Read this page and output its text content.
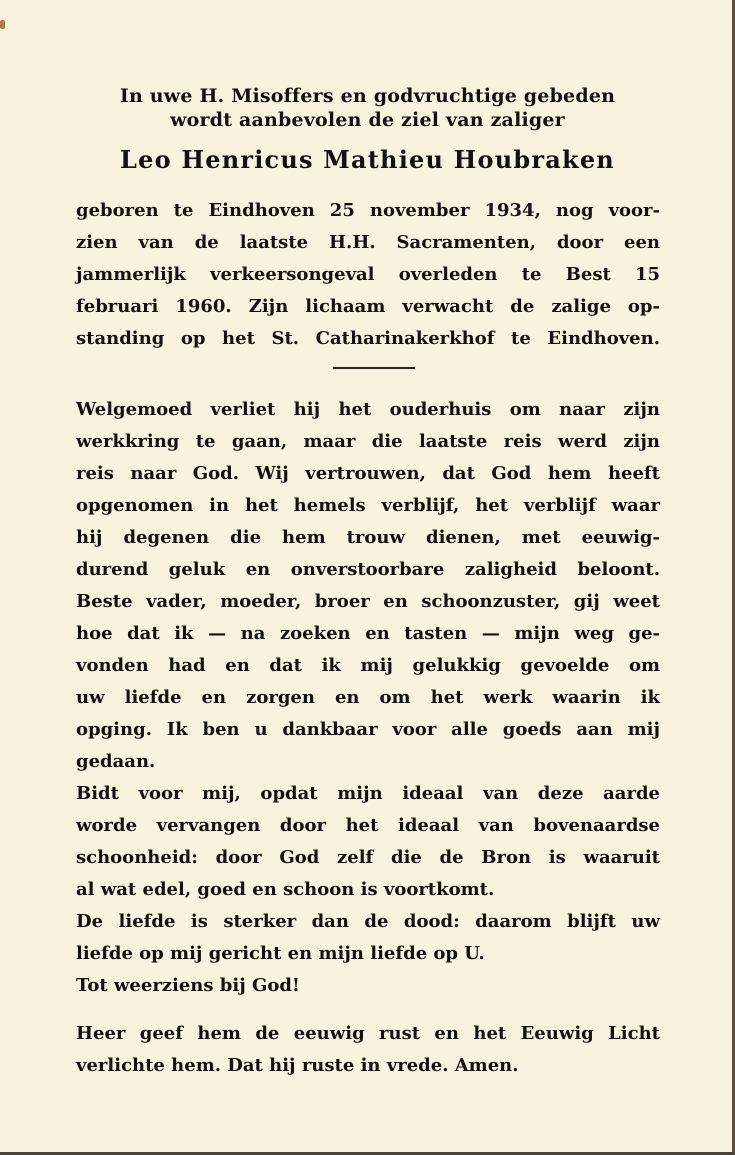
In uwe H. Misoffers en godvruchtige gebeden
wordt aanbevolen de ziel van zaliger
Leo Henricus Mathieu Houbraken
geboren te Eindhoven 25 november 1934, nog voor-
zien van de laatste H.H. Sacramenten, door een
jammerlijk verkeersongeval overleden te Best 15
februari 1960. Zijn lichaam verwacht de zalige op-
standing op het St. Catharinakerkhof te Eindhoven.
Welgemoed verliet hij het ouderhuis om naar zijn
werkkring te gaan, maar die laatste reis werd zijn
reis naar God. Wij vertrouwen, dat God hem heeft
opgenomen in het hemels verblijf, het verblijf waar
hij degenen die hem trouw dienen, met eeuwig-
durend geluk en onverstoorbare zaligheid beloont.
Beste vader, moeder, broer en schoonzuster, gij weet
hoe dat ik — na zoeken en tasten — mijn weg ge-
vonden had en dat ik mij gelukkig gevoelde om
uw liefde en zorgen en om het werk waarin ik
opging. Ik ben u dankbaar voor alle goeds aan mij
gedaan.
Bidt voor mij, opdat mijn ideaal van deze aarde
worde vervangen door het ideaal van bovenaardse
schoonheid: door God zelf die de Bron is waaruit
al wat edel, goed en schoon is voortkomt.
De liefde is sterker dan de dood: daarom blijft uw
liefde op mij gericht en mijn liefde op U.
Tot weerziens bij God!
Heer geef hem de eeuwig rust en het Eeuwig Licht
verlichte hem. Dat hij ruste in vrede. Amen.
